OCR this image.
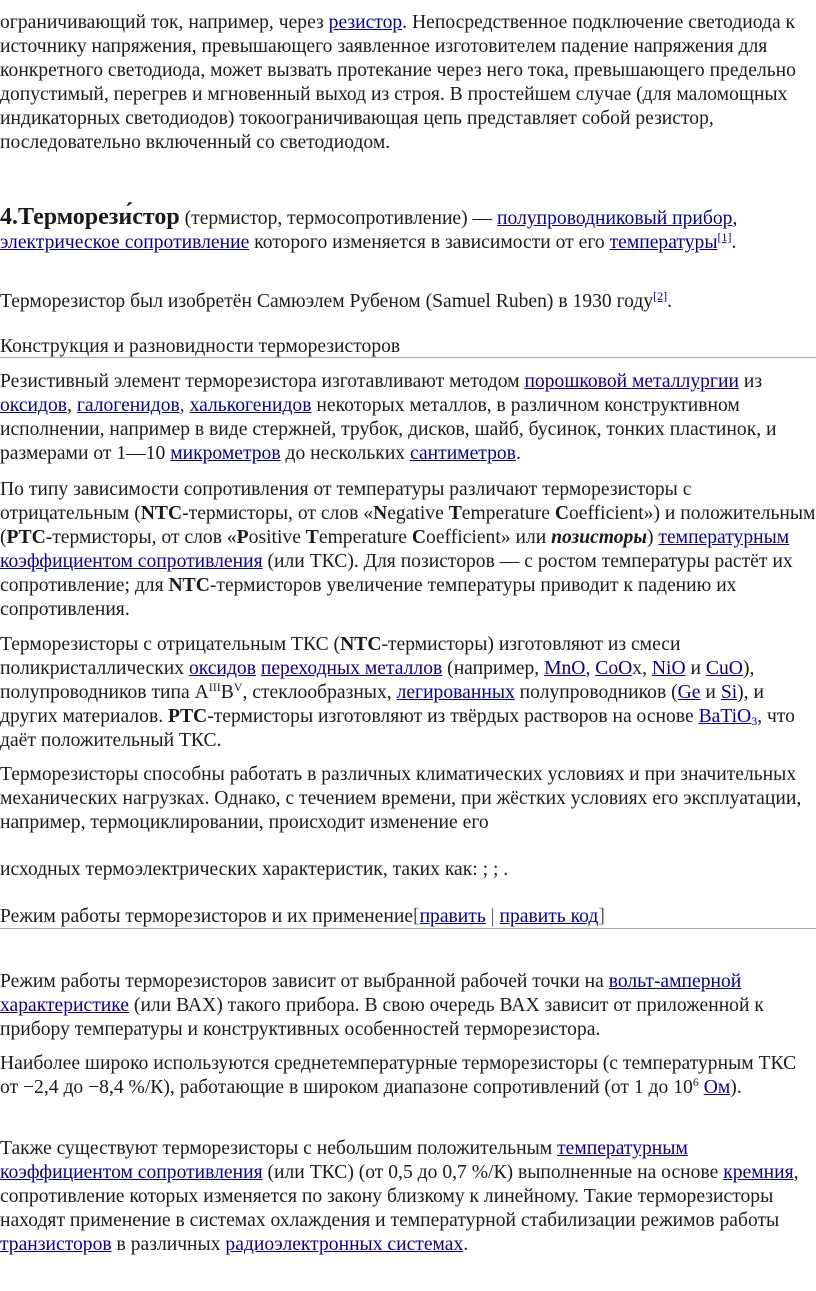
ограничивающий ток, например, через резистор. Непосредственное подключение светодиода к источнику напряжения, превышающего заявленное изготовителем падение напряжения для конкретного светодиода, может вызвать протекание через него тока, превышающего предельно допустимый, перегрев и мгновенный выход из строя. В простейшем случае (для маломощных индикаторных светодиодов) токоограничивающая цепь представляет собой резистор, последовательно включенный со светодиодом.

4.Терморези́стор (термистор, термосопротивление) — полупроводниковый прибор, электрическое сопротивление которого изменяется в зависимости от его температуры[1].

Терморезистор был изобретён Самюэлем Рубеном (Samuel Ruben) в 1930 году[2].

Конструкция и разновидности терморезисторов

Резистивный элемент терморезистора изготавливают методом порошковой металлургии из оксидов, галогенидов, халькогенидов некоторых металлов, в различном конструктивном исполнении, например в виде стержней, трубок, дисков, шайб, бусинок, тонких пластинок, и размерами от 1—10 микрометров до нескольких сантиметров.

По типу зависимости сопротивления от температуры различают терморезисторы с отрицательным (NTC-термисторы, от слов «Negative Temperature Coefficient») и положительным (PTC-термисторы, от слов «Positive Temperature Coefficient» или позисторы) температурным коэффициентом сопротивления (или ТКС). Для позисторов — с ростом температуры растёт их сопротивление; для NTC-термисторов увеличение температуры приводит к падению их сопротивления.

Терморезисторы с отрицательным ТКС (NTC-термисторы) изготовляют из смеси поликристаллических оксидов переходных металлов (например, MnO, CoOx, NiO и CuO), полупроводников типа $A^{III}B^V$, стеклообразных, легированных полупроводников (Ge и Si), и других материалов. PTC-термисторы изготовляют из твёрдых растворов на основе BaTiO$_3$, что даёт положительный ТКС.

Терморезисторы способны работать в различных климатических условиях и при значительных механических нагрузках. Однако, с течением времени, при жёстких условиях его эксплуатации, например, термоциклировании, происходит изменение его

исходных термоэлектрических характеристик, таких как: ; ; .
Режим работы терморезисторов и их применение[править | править код]

Режим работы терморезисторов зависит от выбранной рабочей точки на вольт-амперной характеристике (или ВАХ) такого прибора. В свою очередь ВАХ зависит от приложенной к прибору температуры и конструктивных особенностей терморезистора.

Наиболее широко используются среднетемпературные терморезисторы (с температурным ТКС от −2,4 до −8,4 %/К), работающие в широком диапазоне сопротивлений (от 1 до $10^6$ Ом).

Также существуют терморезисторы с небольшим положительным температурным коэффициентом сопротивления (или ТКС) (от 0,5 до 0,7 %/К) выполненные на основе кремния, сопротивление которых изменяется по закону близкому к линейному. Такие терморезисторы находят применение в системах охлаждения и температурной стабилизации режимов работы транзисторов в различных радиоэлектронных системах.
